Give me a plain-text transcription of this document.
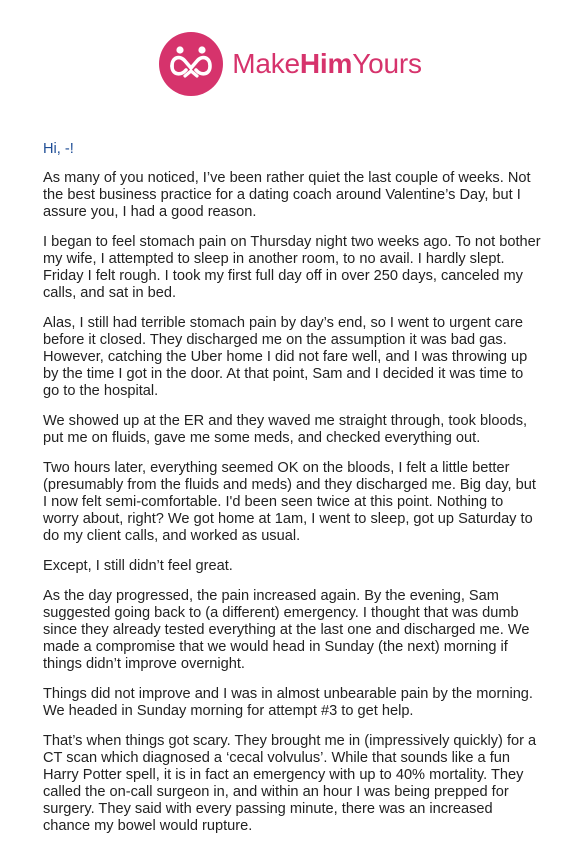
MakeHimYours
Hi, -!

As many of you noticed, I’ve been rather quiet the last couple of weeks. Not the best business practice for a dating coach around Valentine’s Day, but I assure you, I had a good reason.

I began to feel stomach pain on Thursday night two weeks ago. To not bother my wife, I attempted to sleep in another room, to no avail. I hardly slept. Friday I felt rough. I took my first full day off in over 250 days, canceled my calls, and sat in bed.

Alas, I still had terrible stomach pain by day’s end, so I went to urgent care before it closed. They discharged me on the assumption it was bad gas. However, catching the Uber home I did not fare well, and I was throwing up by the time I got in the door. At that point, Sam and I decided it was time to go to the hospital.

We showed up at the ER and they waved me straight through, took bloods, put me on fluids, gave me some meds, and checked everything out.

Two hours later, everything seemed OK on the bloods, I felt a little better (presumably from the fluids and meds) and they discharged me. Big day, but I now felt semi-comfortable. I'd been seen twice at this point. Nothing to worry about, right? We got home at 1am, I went to sleep, got up Saturday to do my client calls, and worked as usual.

Except, I still didn’t feel great.

As the day progressed, the pain increased again. By the evening, Sam suggested going back to (a different) emergency. I thought that was dumb since they already tested everything at the last one and discharged me. We made a compromise that we would head in Sunday (the next) morning if things didn’t improve overnight.

Things did not improve and I was in almost unbearable pain by the morning. We headed in Sunday morning for attempt #3 to get help.

That’s when things got scary. They brought me in (impressively quickly) for a CT scan which diagnosed a ‘cecal volvulus’. While that sounds like a fun Harry Potter spell, it is in fact an emergency with up to 40% mortality. They called the on-call surgeon in, and within an hour I was being prepped for surgery. They said with every passing minute, there was an increased chance my bowel would rupture.
